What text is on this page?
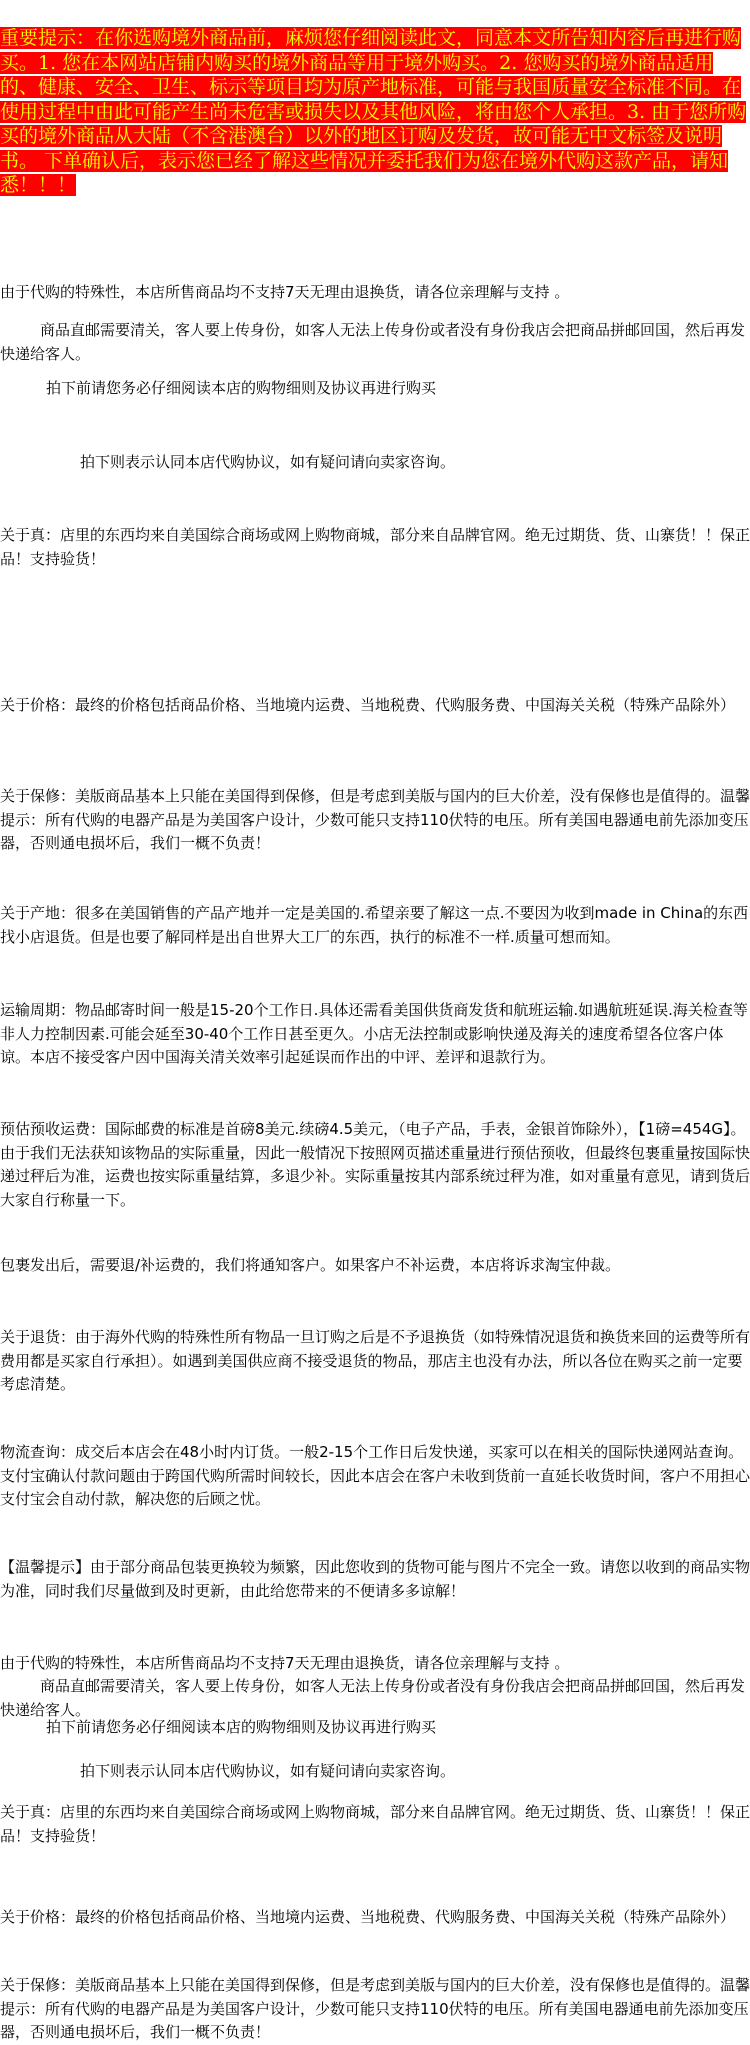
重要提示：在你选购境外商品前，麻烦您仔细阅读此文，同意本文所告知内容后再进行购买。1. 您在本网站店铺内购买的境外商品等用于境外购买。2. 您购买的境外商品适用的、健康、安全、卫生、标示等项目均为原产地标准，可能与我国质量安全标准不同。在使用过程中由此可能产生尚未危害或损失以及其他风险，将由您个人承担。3. 由于您所购买的境外商品从大陆（不含港澳台）以外的地区订购及发货，故可能无中文标签及说明书。 下单确认后，表示您已经了解这些情况并委托我们为您在境外代购这款产品，请知悉！！！

由于代购的特殊性，本店所售商品均不支持7天无理由退换货，请各位亲理解与支持 。

商品直邮需要清关，客人要上传身份，如客人无法上传身份或者没有身份我店会把商品拼邮回国，然后再发快递给客人。

拍下前请您务必仔细阅读本店的购物细则及协议再进行购买

拍下则表示认同本店代购协议，如有疑问请向卖家咨询。

关于真：店里的东西均来自美国综合商场或网上购物商城，部分来自品牌官网。绝无过期货、货、山寨货！！保正品！支持验货！

关于价格：最终的价格包括商品价格、当地境内运费、当地税费、代购服务费、中国海关关税（特殊产品除外）

关于保修：美版商品基本上只能在美国得到保修，但是考虑到美版与国内的巨大价差，没有保修也是值得的。温馨提示：所有代购的电器产品是为美国客户设计，少数可能只支持110伏特的电压。所有美国电器通电前先添加变压器，否则通电损坏后，我们一概不负责！

关于产地：很多在美国销售的产品产地并一定是美国的.希望亲要了解这一点.不要因为收到made in China的东西找小店退货。但是也要了解同样是出自世界大工厂的东西，执行的标准不一样.质量可想而知。

运输周期：物品邮寄时间一般是15-20个工作日.具体还需看美国供货商发货和航班运输.如遇航班延误.海关检查等非人力控制因素.可能会延至30-40个工作日甚至更久。小店无法控制或影响快递及海关的速度希望各位客户体谅。本店不接受客户因中国海关清关效率引起延误而作出的中评、差评和退款行为。

预估预收运费：国际邮费的标准是首磅8美元.续磅4.5美元，（电子产品，手表，金银首饰除外），【1磅=454G】。由于我们无法获知该物品的实际重量，因此一般情况下按照网页描述重量进行预估预收，但最终包裹重量按国际快递过秤后为准，运费也按实际重量结算，多退少补。实际重量按其内部系统过秤为准，如对重量有意见，请到货后大家自行称量一下。

包裹发出后，需要退/补运费的，我们将通知客户。如果客户不补运费，本店将诉求淘宝仲裁。

关于退货：由于海外代购的特殊性所有物品一旦订购之后是不予退换货（如特殊情况退货和换货来回的运费等所有费用都是买家自行承担）。如遇到美国供应商不接受退货的物品，那店主也没有办法，所以各位在购买之前一定要考虑清楚。

物流查询：成交后本店会在48小时内订货。一般2-15个工作日后发快递，买家可以在相关的国际快递网站查询。支付宝确认付款问题由于跨国代购所需时间较长，因此本店会在客户未收到货前一直延长收货时间，客户不用担心支付宝会自动付款，解决您的后顾之忧。

【温馨提示】由于部分商品包装更换较为频繁，因此您收到的货物可能与图片不完全一致。请您以收到的商品实物为准，同时我们尽量做到及时更新，由此给您带来的不便请多多谅解！

由于代购的特殊性，本店所售商品均不支持7天无理由退换货，请各位亲理解与支持 。

商品直邮需要清关，客人要上传身份，如客人无法上传身份或者没有身份我店会把商品拼邮回国，然后再发快递给客人。

拍下前请您务必仔细阅读本店的购物细则及协议再进行购买

拍下则表示认同本店代购协议，如有疑问请向卖家咨询。

关于真：店里的东西均来自美国综合商场或网上购物商城，部分来自品牌官网。绝无过期货、货、山寨货！！保正品！支持验货！

关于价格：最终的价格包括商品价格、当地境内运费、当地税费、代购服务费、中国海关关税（特殊产品除外）

关于保修：美版商品基本上只能在美国得到保修，但是考虑到美版与国内的巨大价差，没有保修也是值得的。温馨提示：所有代购的电器产品是为美国客户设计，少数可能只支持110伏特的电压。所有美国电器通电前先添加变压器，否则通电损坏后，我们一概不负责！
